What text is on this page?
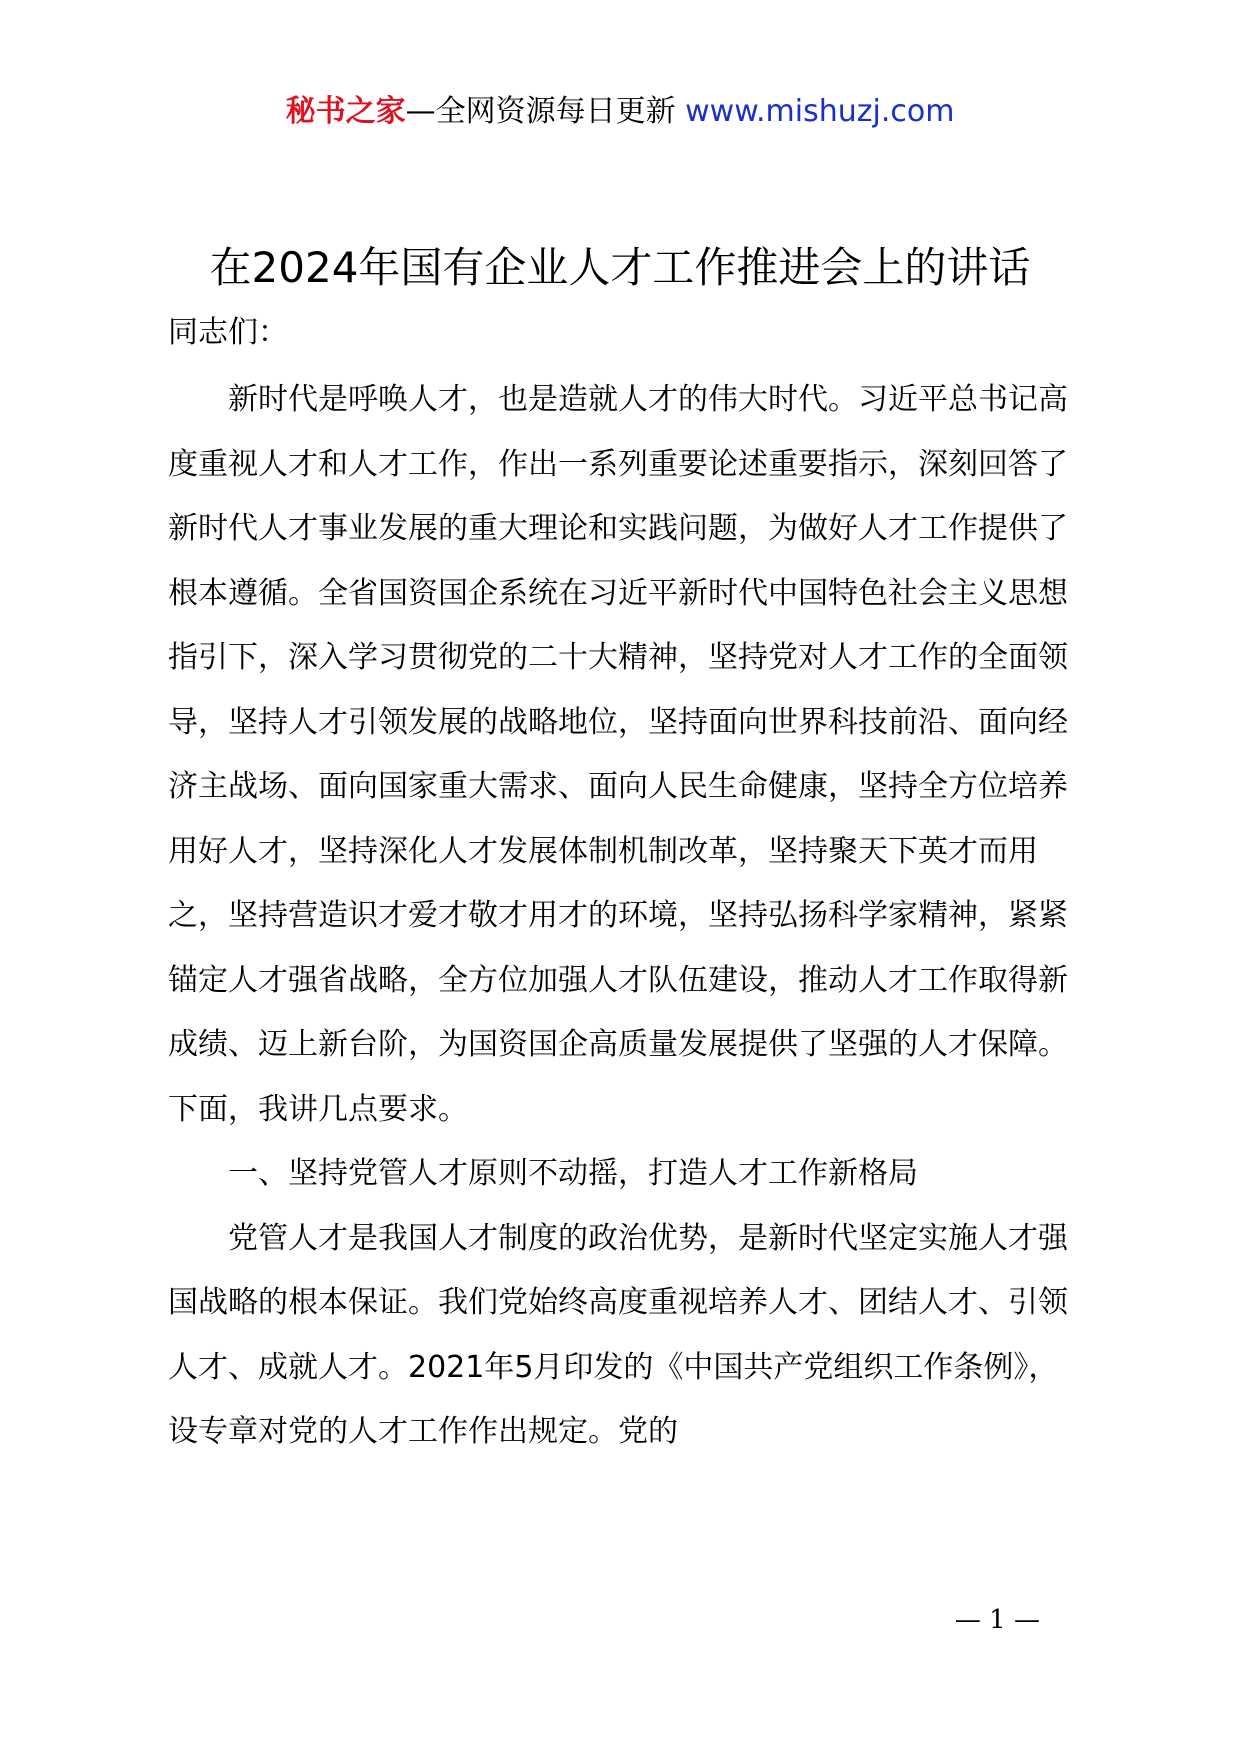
秘书之家—全网资源每日更新 www.mishuzj.com
在2024年国有企业人才工作推进会上的讲话

同志们：

新时代是呼唤人才，也是造就人才的伟大时代。习近平总书记高度重视人才和人才工作，作出一系列重要论述重要指示，深刻回答了新时代人才事业发展的重大理论和实践问题，为做好人才工作提供了根本遵循。全省国资国企系统在习近平新时代中国特色社会主义思想指引下，深入学习贯彻党的二十大精神，坚持党对人才工作的全面领导，坚持人才引领发展的战略地位，坚持面向世界科技前沿、面向经济主战场、面向国家重大需求、面向人民生命健康，坚持全方位培养用好人才，坚持深化人才发展体制机制改革，坚持聚天下英才而用之，坚持营造识才爱才敬才用才的环境，坚持弘扬科学家精神，紧紧锚定人才强省战略，全方位加强人才队伍建设，推动人才工作取得新成绩、迈上新台阶，为国资国企高质量发展提供了坚强的人才保障。下面，我讲几点要求。

一、坚持党管人才原则不动摇，打造人才工作新格局

党管人才是我国人才制度的政治优势，是新时代坚定实施人才强国战略的根本保证。我们党始终高度重视培养人才、团结人才、引领人才、成就人才。2021年5月印发的《中国共产党组织工作条例》，设专章对党的人才工作作出规定。党的

— 1 —
